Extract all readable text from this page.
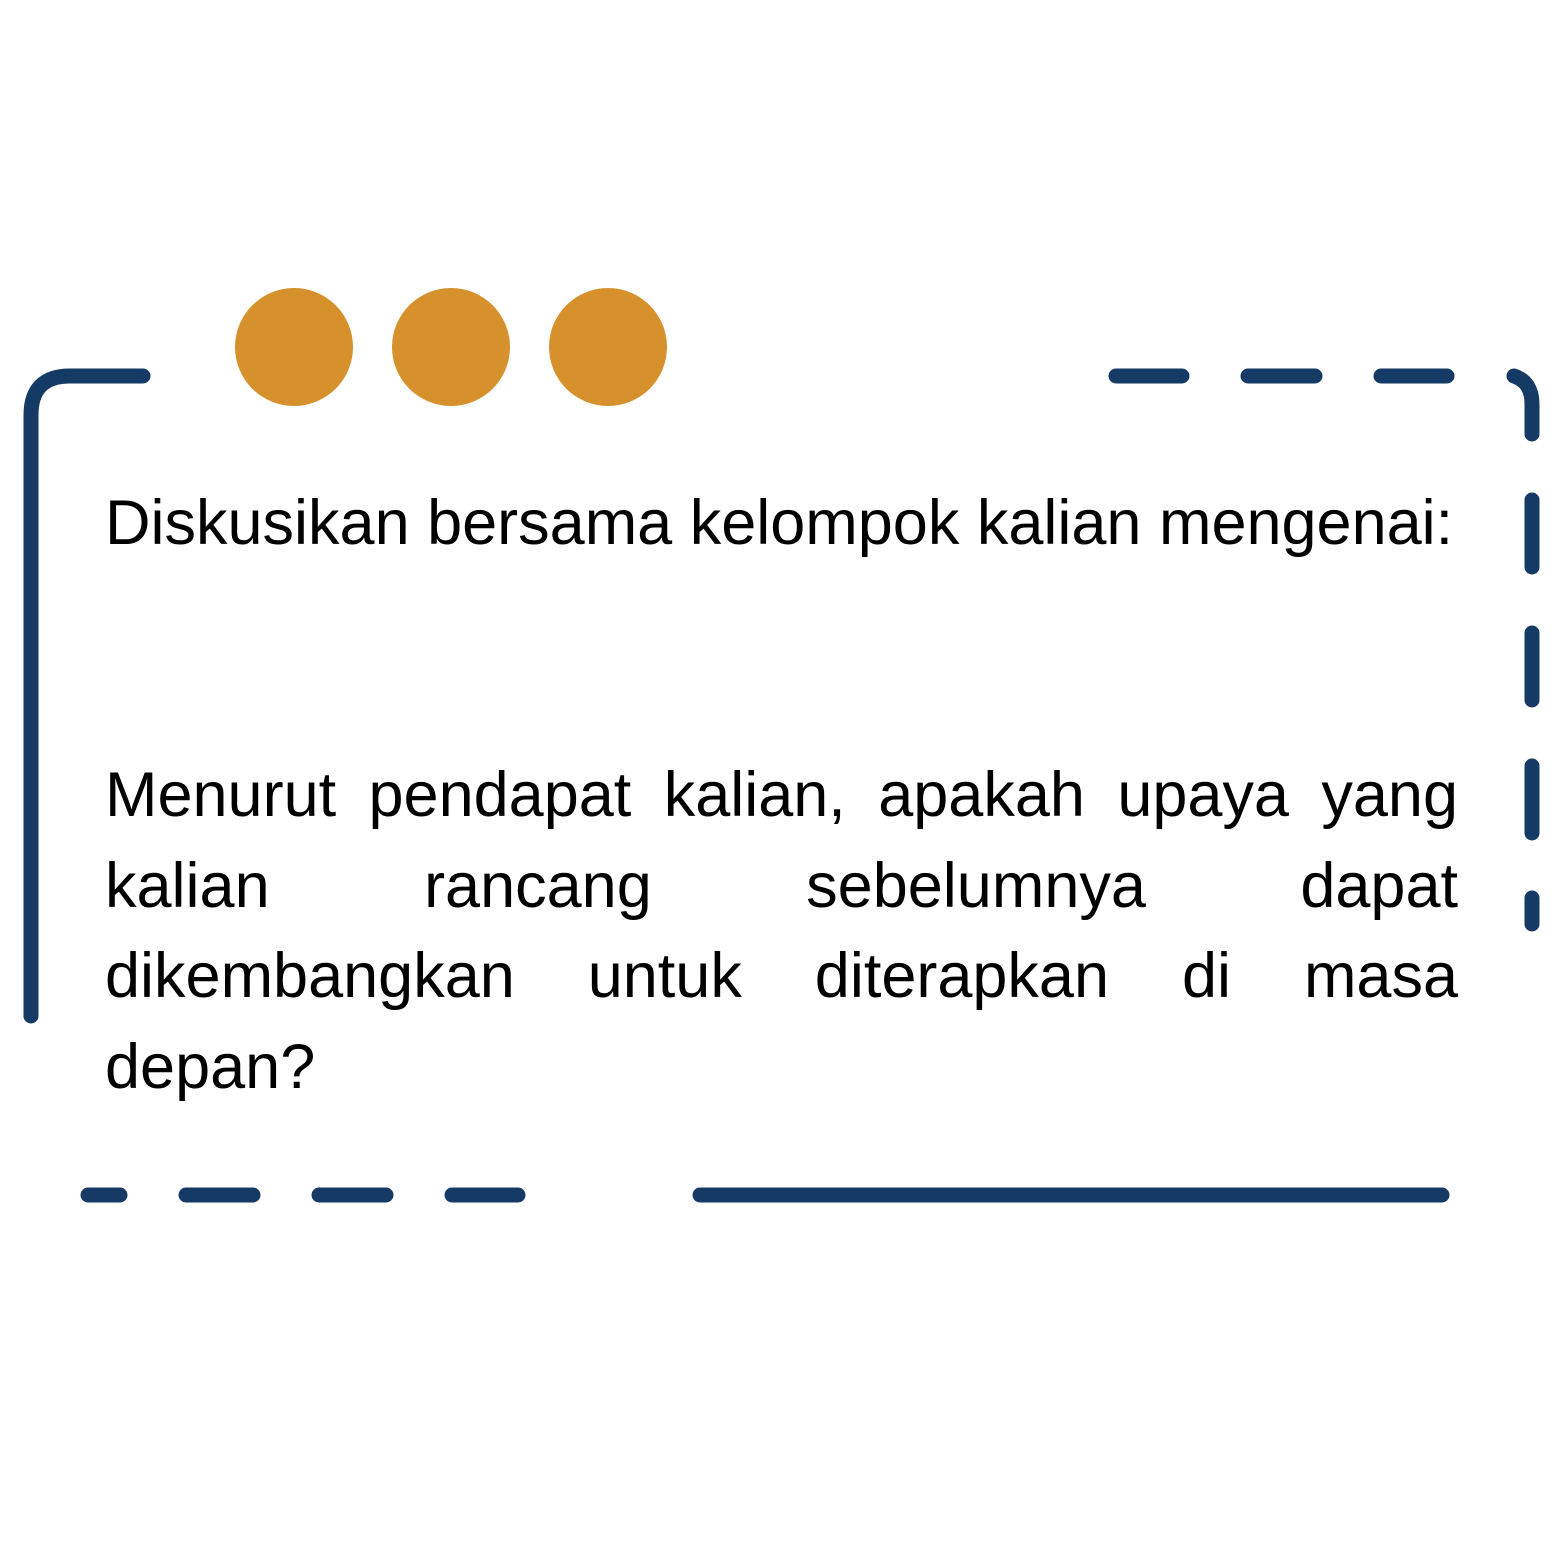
Diskusikan bersama kelompok kalian mengenai:

Menurut pendapat kalian, apakah upaya yang kalian rancang sebelumnya dapat dikembangkan untuk diterapkan di masa depan?
